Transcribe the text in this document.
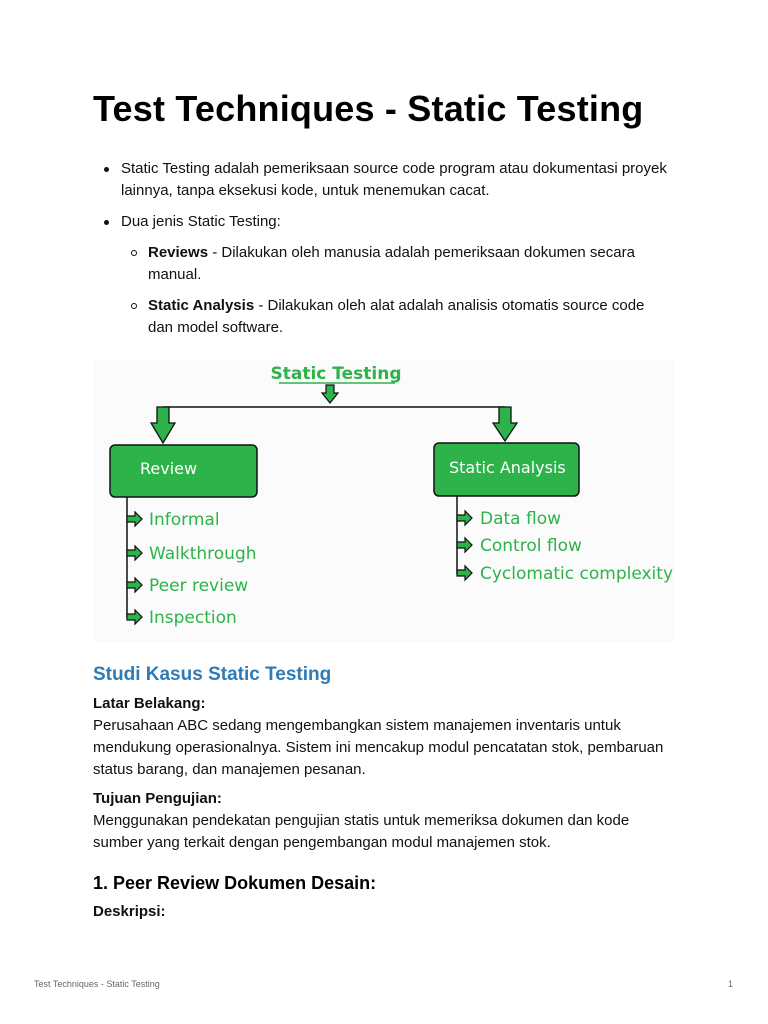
Test Techniques - Static Testing
Static Testing adalah pemeriksaan source code program atau dokumentasi proyek lainnya, tanpa eksekusi kode, untuk menemukan cacat.
Dua jenis Static Testing:
Reviews - Dilakukan oleh manusia adalah pemeriksaan dokumen secara manual.
Static Analysis - Dilakukan oleh alat adalah analisis otomatis source code dan model software.
Static Testing
Review	Static Analysis
Informal
Walkthrough
Peer review
Inspection
Data flow
Control flow
Cyclomatic complexity
Studi Kasus Static Testing
Latar Belakang:
Perusahaan ABC sedang mengembangkan sistem manajemen inventaris untuk mendukung operasionalnya. Sistem ini mencakup modul pencatatan stok, pembaruan status barang, dan manajemen pesanan.
Tujuan Pengujian:
Menggunakan pendekatan pengujian statis untuk memeriksa dokumen dan kode sumber yang terkait dengan pengembangan modul manajemen stok.
1. Peer Review Dokumen Desain:
Deskripsi:
Test Techniques - Static Testing	1
